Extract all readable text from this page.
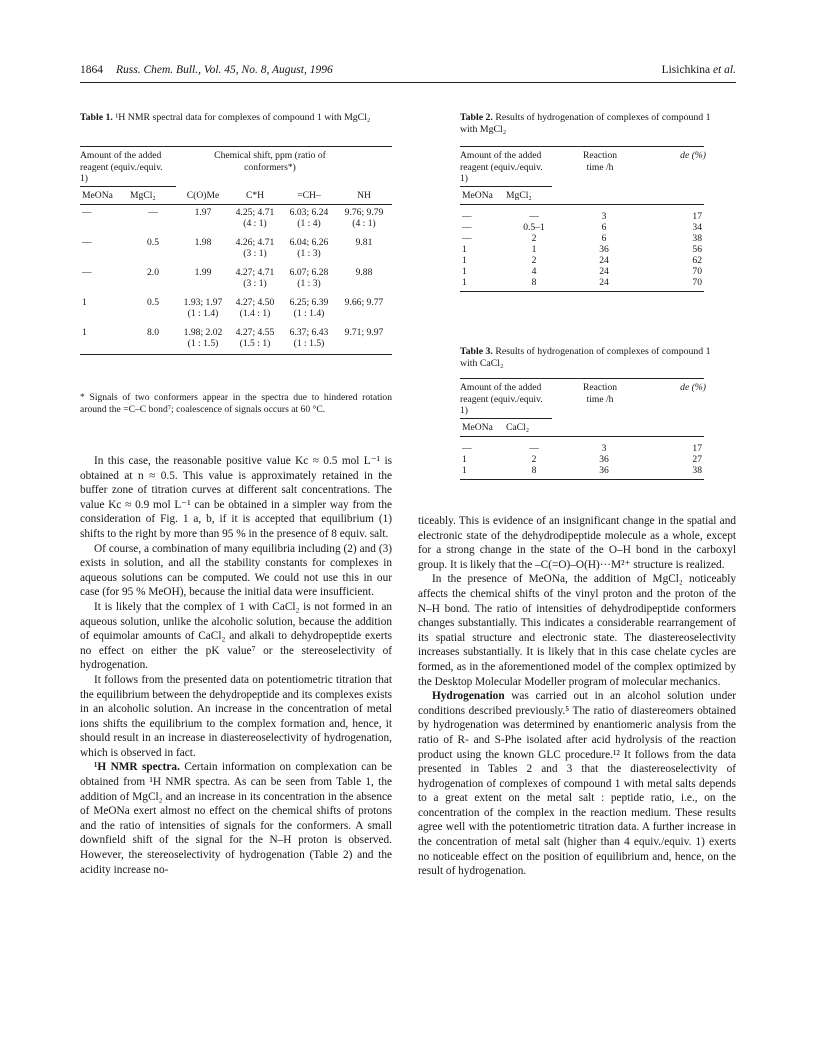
1864 Russ. Chem. Bull., Vol. 45, No. 8, August, 1996	Lisichkina et al.
Table 1. ¹H NMR spectral data for complexes of compound 1 with MgCl₂
Amount of the added reagent (equiv./equiv. 1)
Chemical shift, ppm (ratio of conformers*)
MeONa	MgCl₂	C(O)Me	C*H	=CH–	NH

—	—	1.97	4.25; 4.71	6.03; 6.24	9.76; 9.79
			(4 : 1)	(1 : 4)	(4 : 1)
—	0.5	1.98	4.26; 4.71	6.04; 6.26	9.81
			(3 : 1)	(1 : 3)	
—	2.0	1.99	4.27; 4.71	6.07; 6.28	9.88
			(3 : 1)	(1 : 3)	
1	0.5	1.93; 1.97	4.27; 4.50	6.25; 6.39	9.66; 9.77
		(1 : 1.4)	(1.4 : 1)	(1 : 1.4)	
1	8.0	1.98; 2.02	4.27; 4.55	6.37; 6.43	9.71; 9.97
		(1 : 1.5)	(1.5 : 1)	(1 : 1.5)	

* Signals of two conformers appear in the spectra due to hindered rotation around the =C–C bond⁷; coalescence of signals occurs at 60 °C.
Table 2. Results of hydrogenation of complexes of compound 1 with MgCl₂
Amount of the added reagent (equiv./equiv. 1)
Reaction time /h
de (%)
MeONa	MgCl₂		

—	—	3	17
—	0.5–1	6	34
—	2	6	38
1	1	36	56
1	2	24	62
1	4	24	70
1	8	24	70

Table 3. Results of hydrogenation of complexes of compound 1 with CaCl₂
Amount of the added reagent (equiv./equiv. 1)
Reaction time /h
de (%)
MeONa	CaCl₂		

—	—	3	17
1	2	36	27
1	8	36	38

In this case, the reasonable positive value Kc ≈ 0.5 mol L⁻¹ is obtained at n ≈ 0.5. This value is approximately retained in the buffer zone of titration curves at different salt concentrations. The value Kc ≈ 0.9 mol L⁻¹ can be obtained in a simpler way from the consideration of Fig. 1 a, b, if it is accepted that equilibrium (1) shifts to the right by more than 95 % in the presence of 8 equiv. salt.

Of course, a combination of many equilibria including (2) and (3) exists in solution, and all the stability constants for complexes in aqueous solutions can be computed. We could not use this in our case (for 95 % MeOH), because the initial data were insufficient.

It is likely that the complex of 1 with CaCl₂ is not formed in an aqueous solution, unlike the alcoholic solution, because the addition of equimolar amounts of CaCl₂ and alkali to dehydropeptide exerts no effect on either the pK value⁷ or the stereoselectivity of hydrogenation.

It follows from the presented data on potentiometric titration that the equilibrium between the dehydropeptide and its complexes exists in an alcoholic solution. An increase in the concentration of metal ions shifts the equilibrium to the complex formation and, hence, it should result in an increase in diastereoselectivity of hydrogenation, which is observed in fact.

¹H NMR spectra. Certain information on complexation can be obtained from ¹H NMR spectra. As can be seen from Table 1, the addition of MgCl₂ and an increase in its concentration in the absence of MeONa exert almost no effect on the chemical shifts of protons and the ratio of intensities of signals for the conformers. A small downfield shift of the signal for the N–H proton is observed. However, the stereoselectivity of hydrogenation (Table 2) and the acidity increase no-

ticeably. This is evidence of an insignificant change in the spatial and electronic state of the dehydrodipeptide molecule as a whole, except for a strong change in the state of the O–H bond in the carboxyl group. It is likely that the –C(=O)–O(H)···M²⁺ structure is realized.

In the presence of MeONa, the addition of MgCl₂ noticeably affects the chemical shifts of the vinyl proton and the proton of the N–H bond. The ratio of intensities of dehydrodipeptide conformers changes substantially. This indicates a considerable rearrangement of its spatial structure and electronic state. The diastereoselectivity increases substantially. It is likely that in this case chelate cycles are formed, as in the aforementioned model of the complex optimized by the Desktop Molecular Modeller program of molecular mechanics.

Hydrogenation was carried out in an alcohol solution under conditions described previously.⁵ The ratio of diastereomers obtained by hydrogenation was determined by enantiomeric analysis from the ratio of R- and S-Phe isolated after acid hydrolysis of the reaction product using the known GLC procedure.¹² It follows from the data presented in Tables 2 and 3 that the diastereoselectivity of hydrogenation of complexes of compound 1 with metal salts depends to a great extent on the metal salt : peptide ratio, i.e., on the concentration of the complex in the reaction medium. These results agree well with the potentiometric titration data. A further increase in the concentration of metal salt (higher than 4 equiv./equiv. 1) exerts no noticeable effect on the position of equilibrium and, hence, on the result of hydrogenation.
